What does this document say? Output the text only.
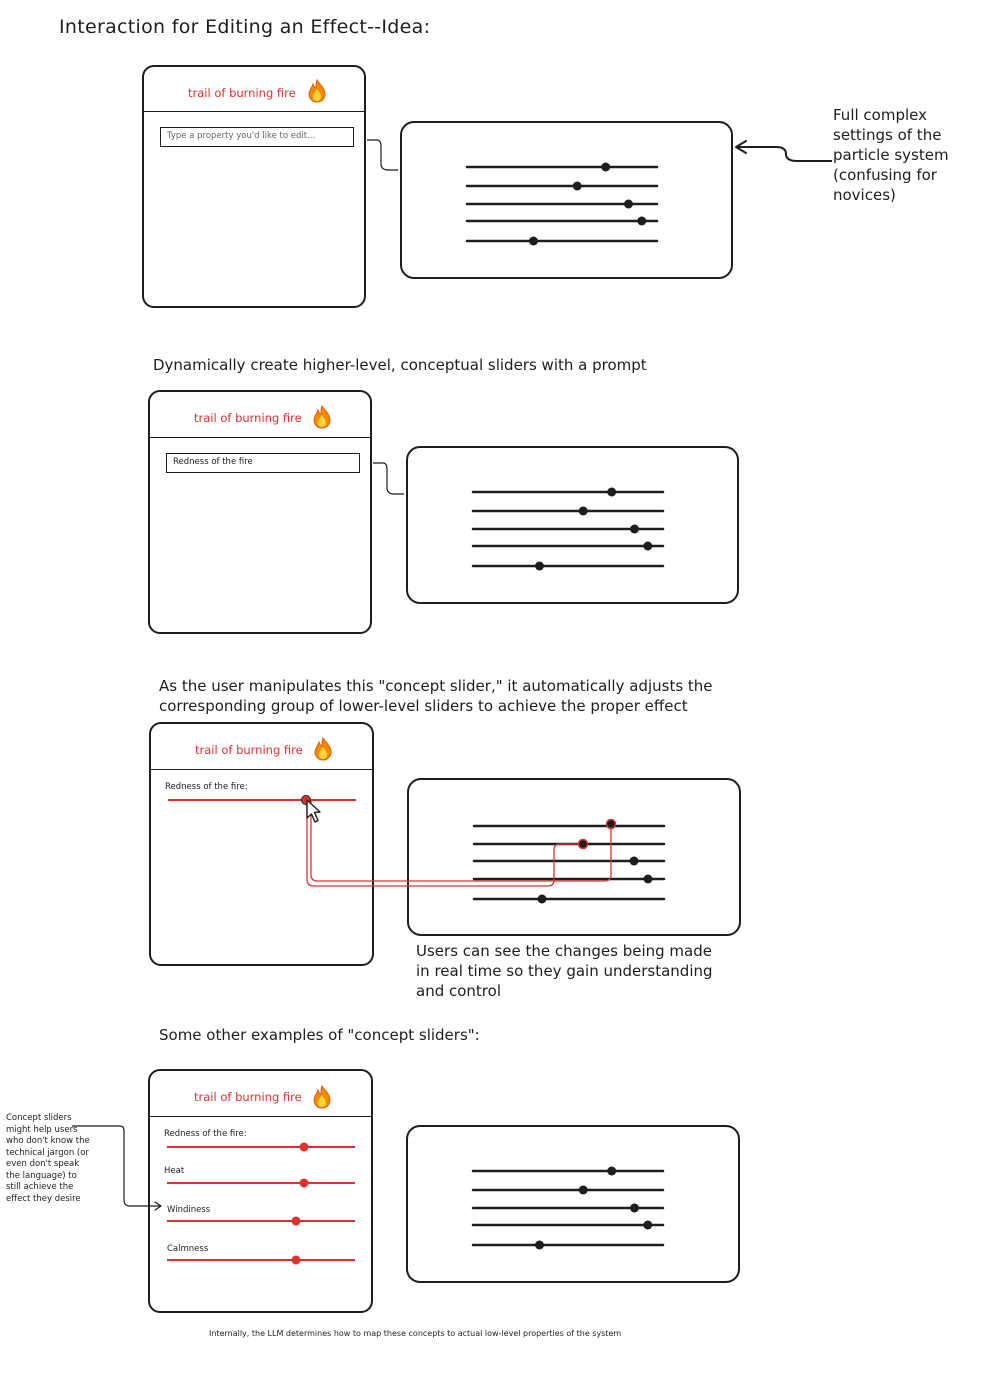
Interaction for Editing an Effect--Idea:
trail of burning fire
Type a property you'd like to edit...
Full complex
settings of the
particle system
(confusing for
novices)
Dynamically create higher-level, conceptual sliders with a prompt
trail of burning fire
Redness of the fire
As the user manipulates this "concept slider," it automatically adjusts the
corresponding group of lower-level sliders to achieve the proper effect
trail of burning fire
Redness of the fire:
Users can see the changes being made
in real time so they gain understanding
and control
Some other examples of "concept sliders":
trail of burning fire
Redness of the fire:
Heat
Windiness
Calmness
Concept sliders
might help users
who don't know the
technical jargon (or
even don't speak
the language) to
still achieve the
effect they desire
Internally, the LLM determines how to map these concepts to actual low-level properties of the system
